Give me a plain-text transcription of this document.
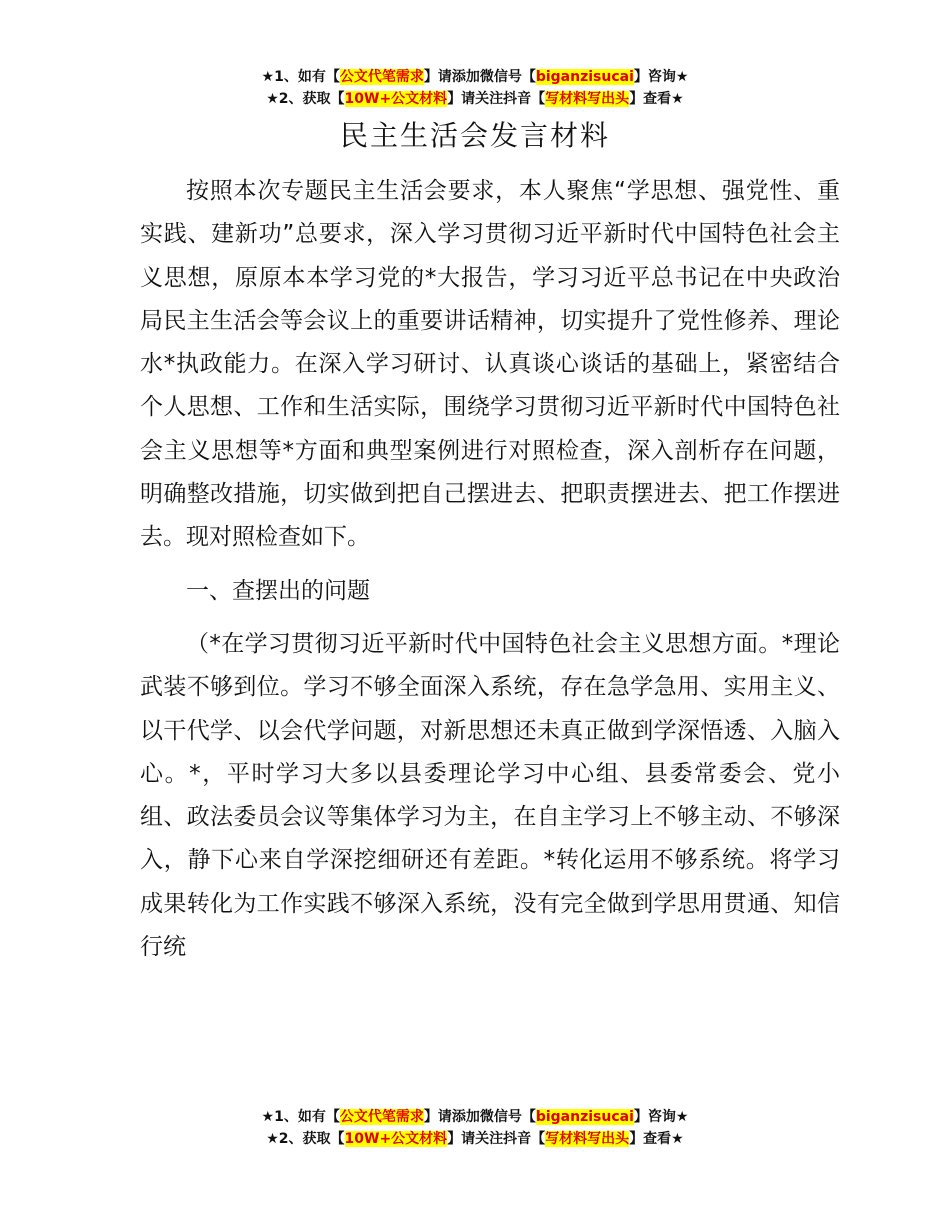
★1、如有【公文代笔需求】请添加微信号【biganzisucai】咨询★
★2、获取【10W+公文材料】请关注抖音【写材料写出头】查看★
民主生活会发言材料

按照本次专题民主生活会要求，本人聚焦“学思想、强党性、重实践、建新功”总要求，深入学习贯彻习近平新时代中国特色社会主义思想，原原本本学习党的*大报告，学习习近平总书记在中央政治局民主生活会等会议上的重要讲话精神，切实提升了党性修养、理论水*执政能力。在深入学习研讨、认真谈心谈话的基础上，紧密结合个人思想、工作和生活实际，围绕学习贯彻习近平新时代中国特色社会主义思想等*方面和典型案例进行对照检查，深入剖析存在问题，明确整改措施，切实做到把自己摆进去、把职责摆进去、把工作摆进去。现对照检查如下。

一、查摆出的问题

（*在学习贯彻习近平新时代中国特色社会主义思想方面。*理论武装不够到位。学习不够全面深入系统，存在急学急用、实用主义、以干代学、以会代学问题，对新思想还未真正做到学深悟透、入脑入心。*，平时学习大多以县委理论学习中心组、县委常委会、党小组、政法委员会议等集体学习为主，在自主学习上不够主动、不够深入，静下心来自学深挖细研还有差距。*转化运用不够系统。将学习成果转化为工作实践不够深入系统，没有完全做到学思用贯通、知信行统

★1、如有【公文代笔需求】请添加微信号【biganzisucai】咨询★
★2、获取【10W+公文材料】请关注抖音【写材料写出头】查看★
